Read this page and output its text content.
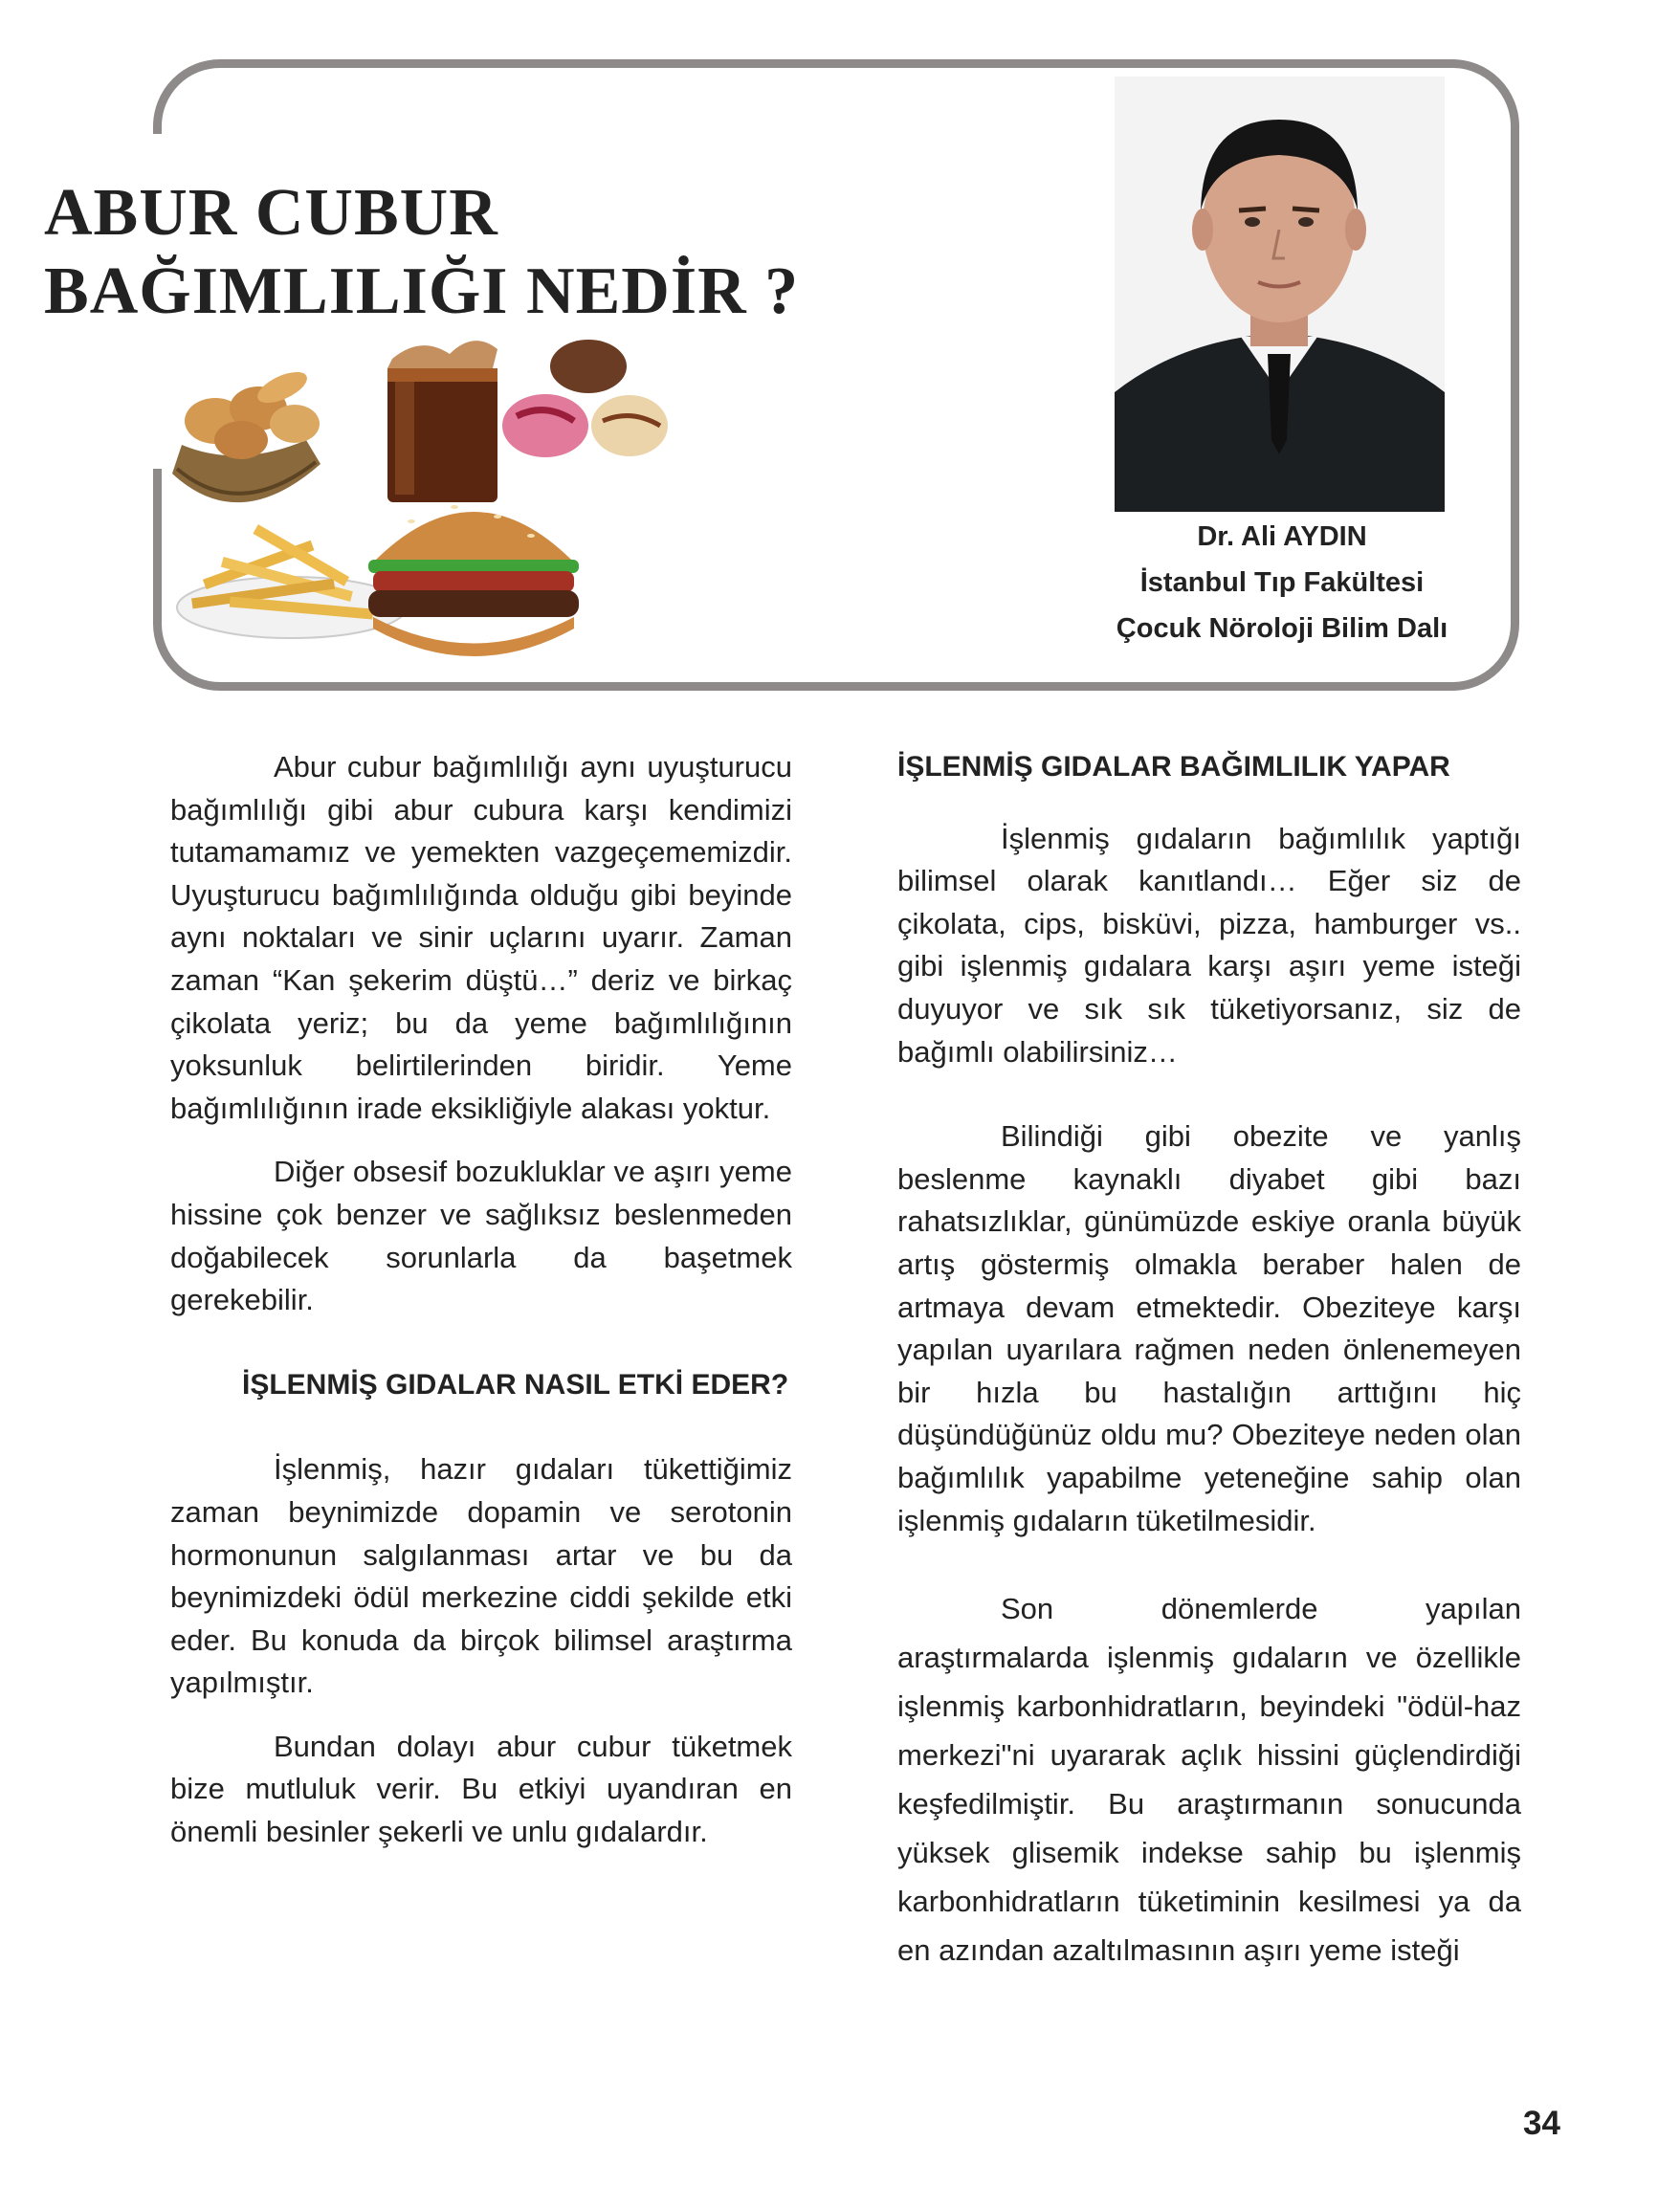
ABUR CUBUR
BAĞIMLILIĞI NEDİR ?

Dr. Ali AYDIN
İstanbul Tıp Fakültesi
Çocuk Nöroloji Bilim Dalı

Abur cubur bağımlılığı aynı uyuşturucu bağımlılığı gibi abur cubura karşı kendimizi tutamamamız ve yemekten vazgeçememizdir. Uyuşturucu bağımlılığında olduğu gibi beyinde aynı noktaları ve sinir uçlarını uyarır. Zaman zaman “Kan şekerim düştü…” deriz ve birkaç çikolata yeriz; bu da yeme bağımlılığının yoksunluk belirtilerinden biridir. Yeme bağımlılığının irade eksikliğiyle alakası yoktur.

Diğer obsesif bozukluklar ve aşırı yeme hissine çok benzer ve sağlıksız beslenmeden doğabilecek sorunlarla da başetmek gerekebilir.

İŞLENMİŞ GIDALAR NASIL ETKİ EDER?

İşlenmiş, hazır gıdaları tükettiğimiz zaman beynimizde dopamin ve serotonin hormonunun salgılanması artar ve bu da beynimizdeki ödül merkezine ciddi şekilde etki eder. Bu konuda da birçok bilimsel araştırma yapılmıştır.

Bundan dolayı abur cubur tüketmek bize mutluluk verir. Bu etkiyi uyandıran en önemli besinler şekerli ve unlu gıdalardır.

İŞLENMİŞ GIDALAR BAĞIMLILIK YAPAR

İşlenmiş gıdaların bağımlılık yaptığı bilimsel olarak kanıtlandı… Eğer siz de çikolata, cips, bisküvi, pizza, hamburger vs.. gibi işlenmiş gıdalara karşı aşırı yeme isteği duyuyor ve sık sık tüketiyorsanız, siz de bağımlı olabilirsiniz…

Bilindiği gibi obezite ve yanlış beslenme kaynaklı diyabet gibi bazı rahatsızlıklar, günümüzde eskiye oranla büyük artış göstermiş olmakla beraber halen de artmaya devam etmektedir. Obeziteye karşı yapılan uyarılara rağmen neden önlenemeyen bir hızla bu hastalığın arttığını hiç düşündüğünüz oldu mu? Obeziteye neden olan bağımlılık yapabilme yeteneğine sahip olan işlenmiş gıdaların tüketilmesidir.

Son dönemlerde yapılan araştırmalarda işlenmiş gıdaların ve özellikle işlenmiş karbonhidratların, beyindeki "ödül-haz merkezi"ni uyararak açlık hissini güçlendirdiği keşfedilmiştir. Bu araştırmanın sonucunda yüksek glisemik indekse sahip bu işlenmiş karbonhidratların tüketiminin kesilmesi ya da en azından azaltılmasının aşırı yeme isteği

34
